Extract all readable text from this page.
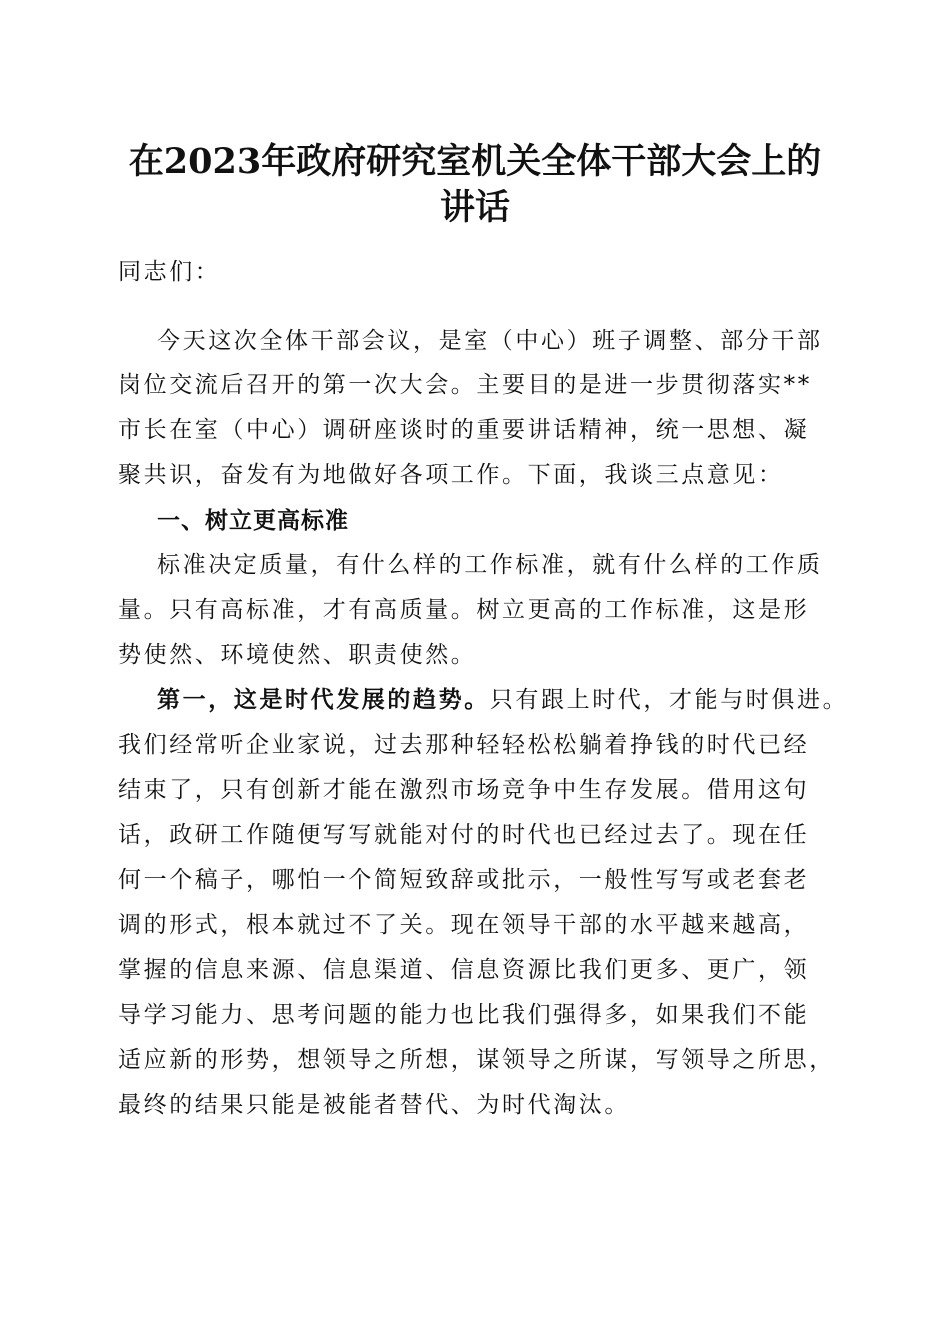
在2023年政府研究室机关全体干部大会上的
讲话
同志们：
今天这次全体干部会议，是室（中心）班子调整、部分干部
岗位交流后召开的第一次大会。主要目的是进一步贯彻落实**
市长在室（中心）调研座谈时的重要讲话精神，统一思想、凝
聚共识，奋发有为地做好各项工作。下面，我谈三点意见：
一、树立更高标准
标准决定质量，有什么样的工作标准，就有什么样的工作质
量。只有高标准，才有高质量。树立更高的工作标准，这是形
势使然、环境使然、职责使然。
第一，这是时代发展的趋势。只有跟上时代，才能与时俱进。
我们经常听企业家说，过去那种轻轻松松躺着挣钱的时代已经
结束了，只有创新才能在激烈市场竞争中生存发展。借用这句
话，政研工作随便写写就能对付的时代也已经过去了。现在任
何一个稿子，哪怕一个简短致辞或批示，一般性写写或老套老
调的形式，根本就过不了关。现在领导干部的水平越来越高，
掌握的信息来源、信息渠道、信息资源比我们更多、更广，领
导学习能力、思考问题的能力也比我们强得多，如果我们不能
适应新的形势，想领导之所想，谋领导之所谋，写领导之所思，
最终的结果只能是被能者替代、为时代淘汰。
